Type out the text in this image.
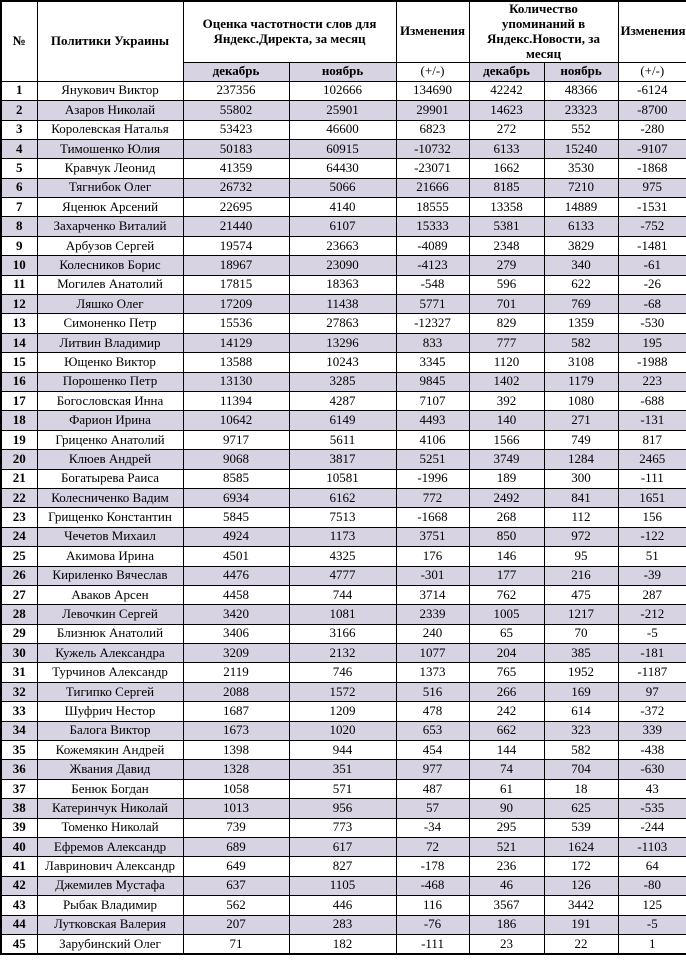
№	Политики Украины	Оценка частотности слов для Яндекс.Директа, за месяц		Изменения	Количество упоминаний в Яндекс.Новости, за месяц		Изменения
		декабрь	ноябрь	(+/-)	декабрь	ноябрь	(+/-)
1	Янукович Виктор	237356	102666	134690	42242	48366	-6124
2	Азаров Николай	55802	25901	29901	14623	23323	-8700
3	Королевская Наталья	53423	46600	6823	272	552	-280
4	Тимошенко Юлия	50183	60915	-10732	6133	15240	-9107
5	Кравчук Леонид	41359	64430	-23071	1662	3530	-1868
6	Тягнибок Олег	26732	5066	21666	8185	7210	975
7	Яценюк Арсений	22695	4140	18555	13358	14889	-1531
8	Захарченко Виталий	21440	6107	15333	5381	6133	-752
9	Арбузов Сергей	19574	23663	-4089	2348	3829	-1481
10	Колесников Борис	18967	23090	-4123	279	340	-61
11	Могилев Анатолий	17815	18363	-548	596	622	-26
12	Ляшко Олег	17209	11438	5771	701	769	-68
13	Симоненко Петр	15536	27863	-12327	829	1359	-530
14	Литвин Владимир	14129	13296	833	777	582	195
15	Ющенко Виктор	13588	10243	3345	1120	3108	-1988
16	Порошенко Петр	13130	3285	9845	1402	1179	223
17	Богословская Инна	11394	4287	7107	392	1080	-688
18	Фарион Ирина	10642	6149	4493	140	271	-131
19	Гриценко Анатолий	9717	5611	4106	1566	749	817
20	Клюев Андрей	9068	3817	5251	3749	1284	2465
21	Богатырева Раиса	8585	10581	-1996	189	300	-111
22	Колесниченко Вадим	6934	6162	772	2492	841	1651
23	Грищенко Константин	5845	7513	-1668	268	112	156
24	Чечетов Михаил	4924	1173	3751	850	972	-122
25	Акимова Ирина	4501	4325	176	146	95	51
26	Кириленко Вячеслав	4476	4777	-301	177	216	-39
27	Аваков Арсен	4458	744	3714	762	475	287
28	Левочкин Сергей	3420	1081	2339	1005	1217	-212
29	Близнюк Анатолий	3406	3166	240	65	70	-5
30	Кужель Александра	3209	2132	1077	204	385	-181
31	Турчинов Александр	2119	746	1373	765	1952	-1187
32	Тигипко Сергей	2088	1572	516	266	169	97
33	Шуфрич Нестор	1687	1209	478	242	614	-372
34	Балога Виктор	1673	1020	653	662	323	339
35	Кожемякин Андрей	1398	944	454	144	582	-438
36	Жвания Давид	1328	351	977	74	704	-630
37	Бенюк Богдан	1058	571	487	61	18	43
38	Катеринчук Николай	1013	956	57	90	625	-535
39	Томенко Николай	739	773	-34	295	539	-244
40	Ефремов Александр	689	617	72	521	1624	-1103
41	Лавринович Александр	649	827	-178	236	172	64
42	Джемилев Мустафа	637	1105	-468	46	126	-80
43	Рыбак Владимир	562	446	116	3567	3442	125
44	Лутковская Валерия	207	283	-76	186	191	-5
45	Зарубинский Олег	71	182	-111	23	22	1
